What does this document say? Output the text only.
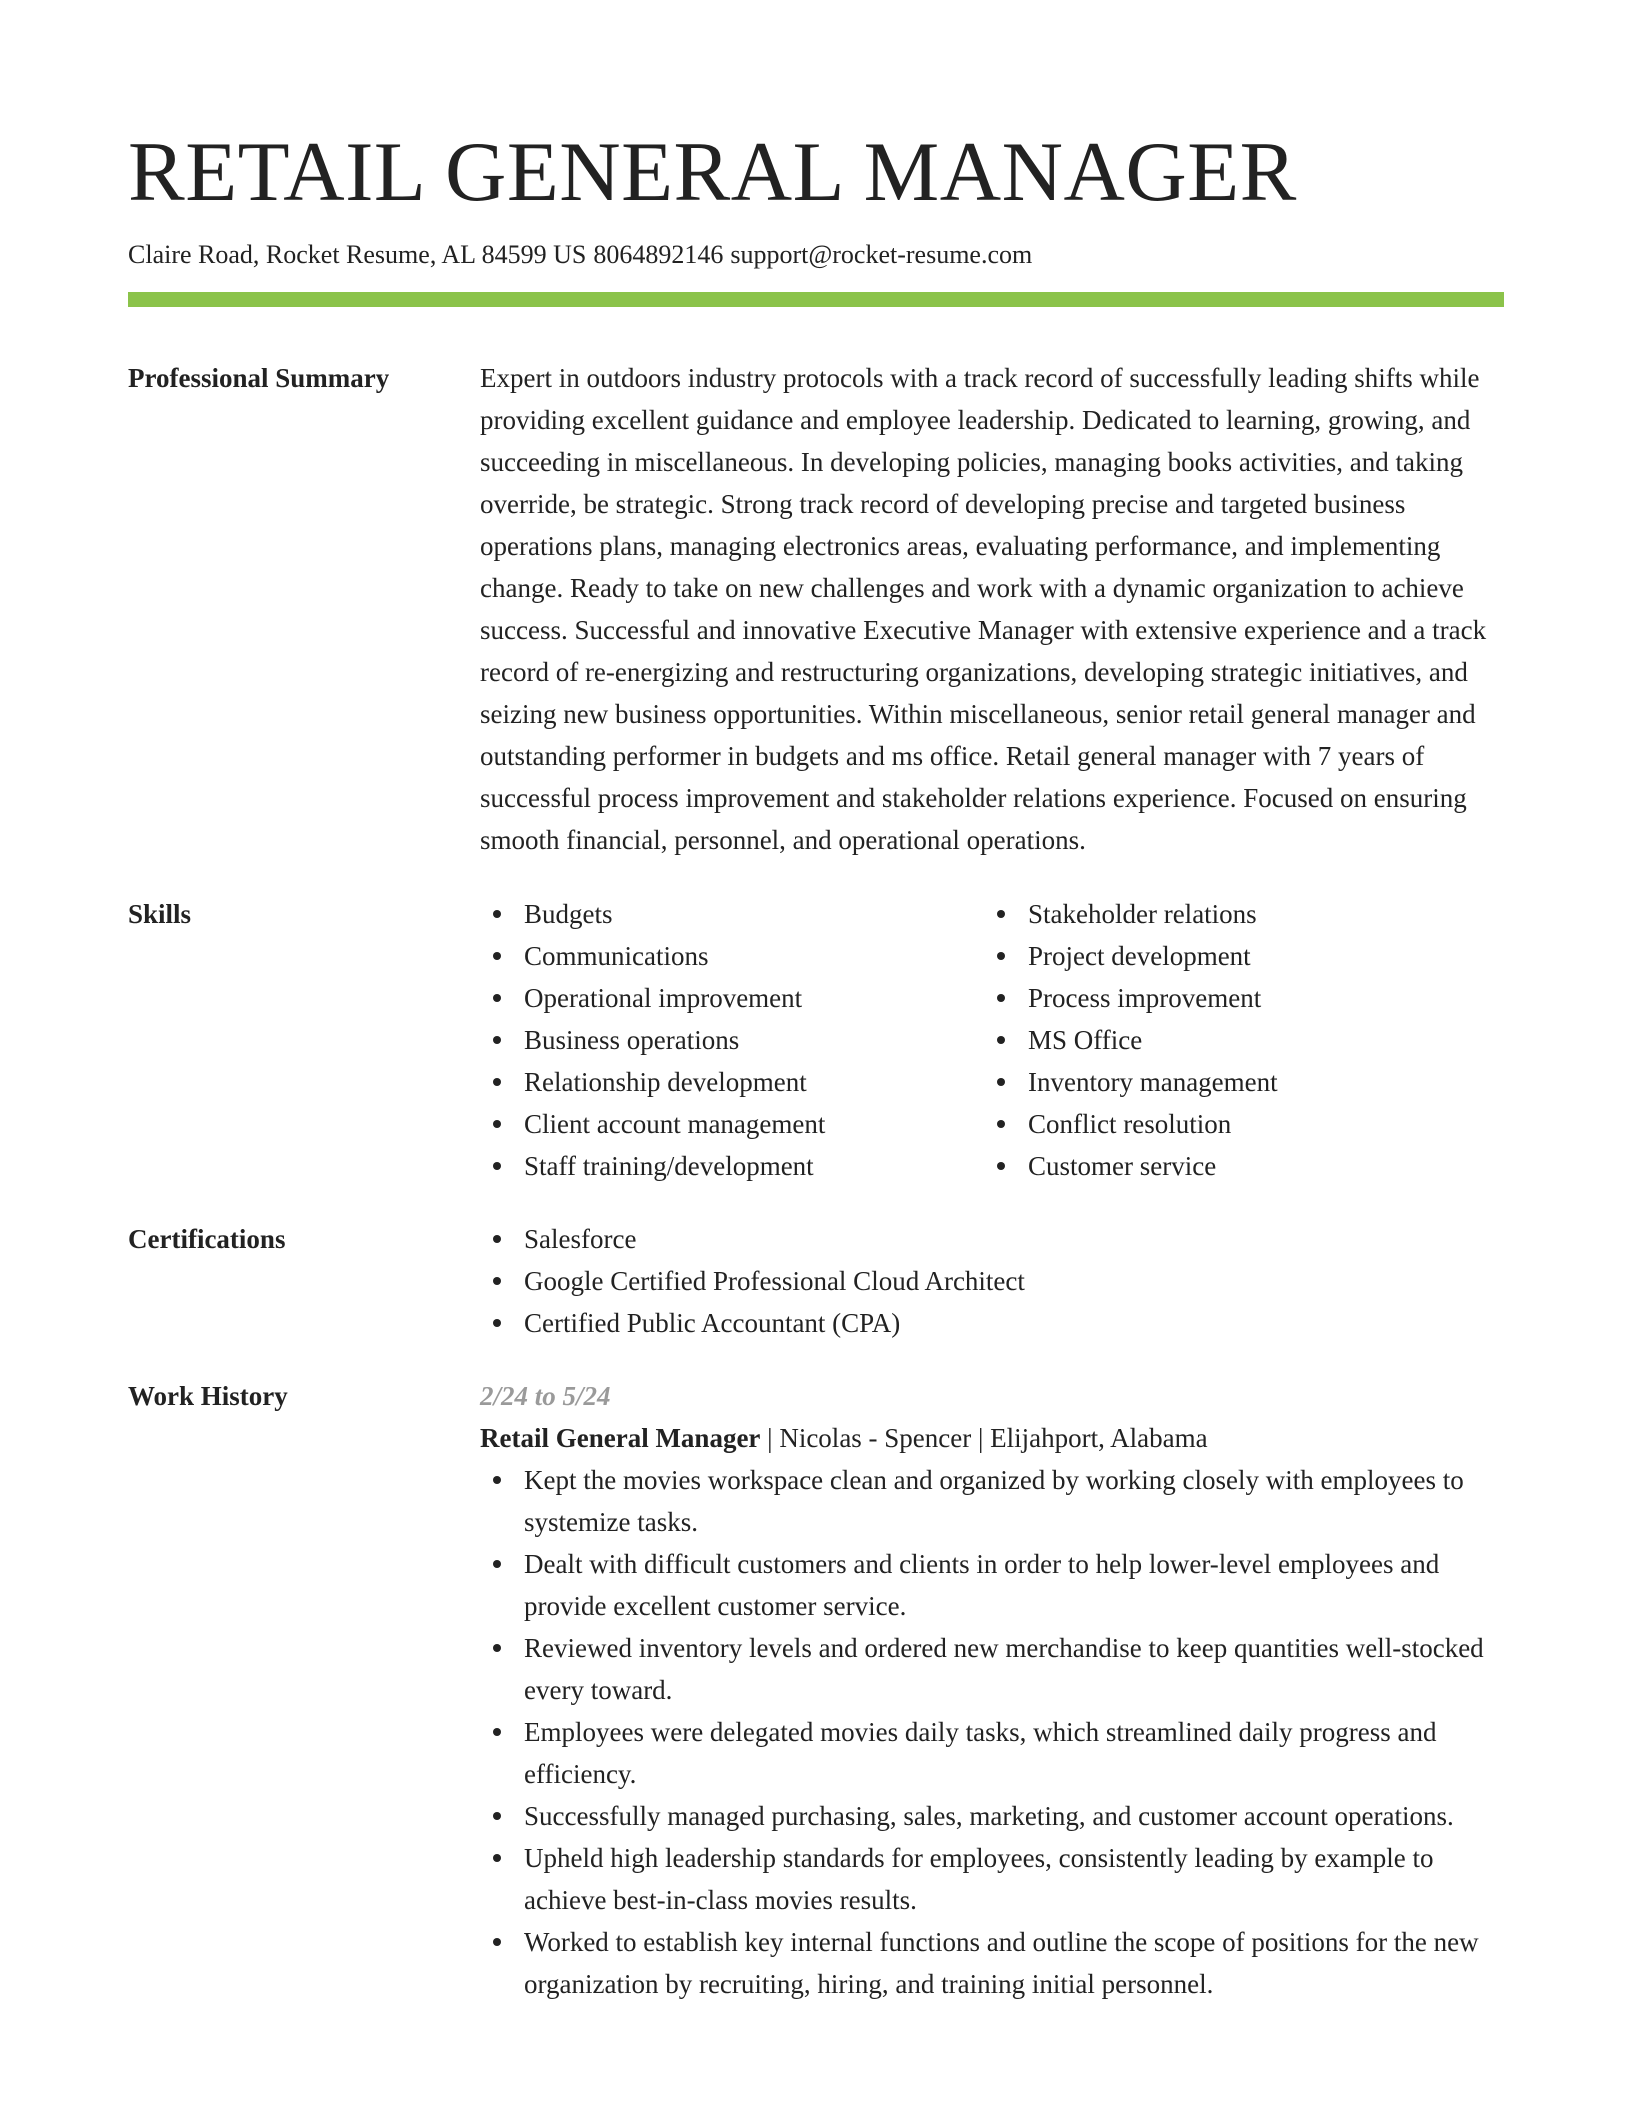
RETAIL GENERAL MANAGER
Claire Road, Rocket Resume, AL 84599 US 8064892146 support@rocket-resume.com
Professional Summary	Expert in outdoors industry protocols with a track record of successfully leading shifts while providing excellent guidance and employee leadership. Dedicated to learning, growing, and succeeding in miscellaneous. In developing policies, managing books activities, and taking override, be strategic. Strong track record of developing precise and targeted business operations plans, managing electronics areas, evaluating performance, and implementing change. Ready to take on new challenges and work with a dynamic organization to achieve success. Successful and innovative Executive Manager with extensive experience and a track record of re-energizing and restructuring organizations, developing strategic initiatives, and seizing new business opportunities. Within miscellaneous, senior retail general manager and outstanding performer in budgets and ms office. Retail general manager with 7 years of successful process improvement and stakeholder relations experience. Focused on ensuring smooth financial, personnel, and operational operations.

Skills	Budgets
Communications
Operational improvement
Business operations
Relationship development
Client account management
Staff training/development
Stakeholder relations
Project development
Process improvement
MS Office
Inventory management
Conflict resolution
Customer service
Certifications	Salesforce
Google Certified Professional Cloud Architect
Certified Public Accountant (CPA)
Work History	2/24 to 5/24
Retail General Manager | Nicolas - Spencer | Elijahport, Alabama
Kept the movies workspace clean and organized by working closely with employees to systemize tasks.
Dealt with difficult customers and clients in order to help lower-level employees and provide excellent customer service.
Reviewed inventory levels and ordered new merchandise to keep quantities well-stocked every toward.
Employees were delegated movies daily tasks, which streamlined daily progress and efficiency.
Successfully managed purchasing, sales, marketing, and customer account operations.
Upheld high leadership standards for employees, consistently leading by example to achieve best-in-class movies results.
Worked to establish key internal functions and outline the scope of positions for the new organization by recruiting, hiring, and training initial personnel.
